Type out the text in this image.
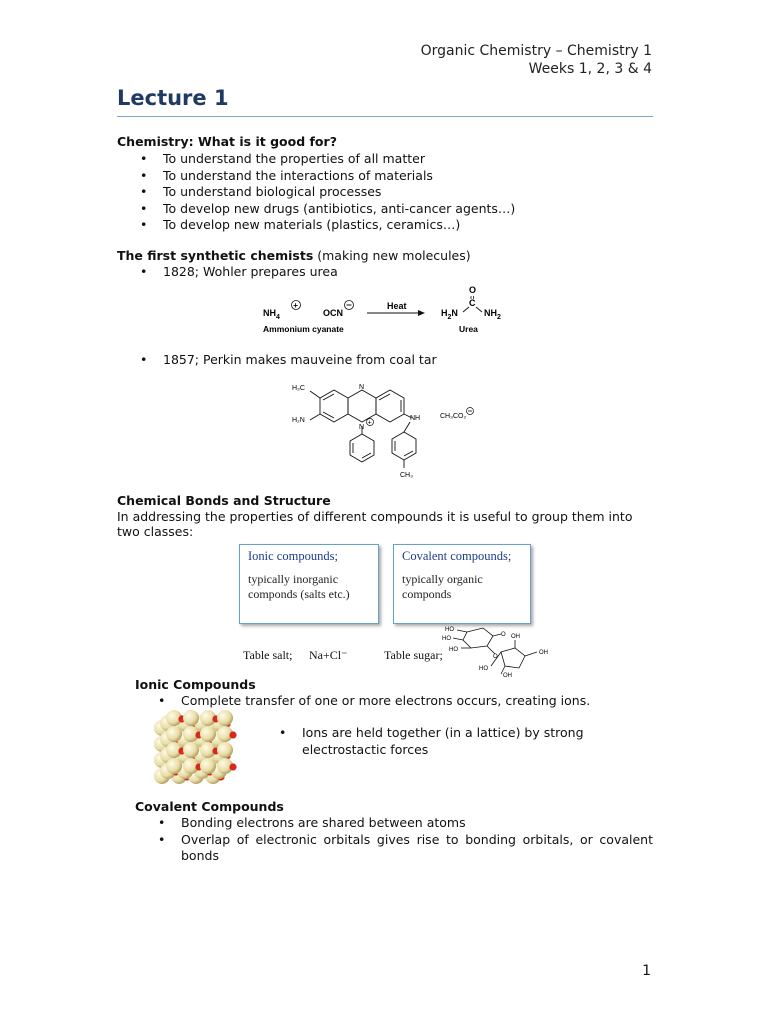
Organic Chemistry – Chemistry 1
Weeks 1, 2, 3 & 4
Lecture 1
Chemistry: What is it good for?
• To understand the properties of all matter
• To understand the interactions of materials
• To understand biological processes
• To develop new drugs (antibiotics, anti-cancer agents…)
• To develop new materials (plastics, ceramics…)
The first synthetic chemists (making new molecules)
• 1828; Wohler prepares urea
$NH_4$
+
OCN
Heat
$H_2N$
C
O
$NH_2$
Ammonium cyanate	Urea
• 1857; Perkin makes mauveine from coal tar
H₃C
H₂N
N
N
+
NH	CH₃CO₂
CH₃
Chemical Bonds and Structure
In addressing the properties of different compounds it is useful to group them into two classes:
Ionic compounds;
typically inorganic
componds (salts etc.)
Covalent compounds;
typically organic
componds
Table salt; Na+Cl⁻	Table sugar;
HO
HO
HO
O
O
OH
OH
HO
OH
Ionic Compounds
• Complete transfer of one or more electrons occurs, creating ions.
• Ions are held together (in a lattice) by strong electrostactic forces
Covalent Compounds
• Bonding electrons are shared between atoms
• Overlap of electronic orbitals gives rise to bonding orbitals, or covalent bonds
1
